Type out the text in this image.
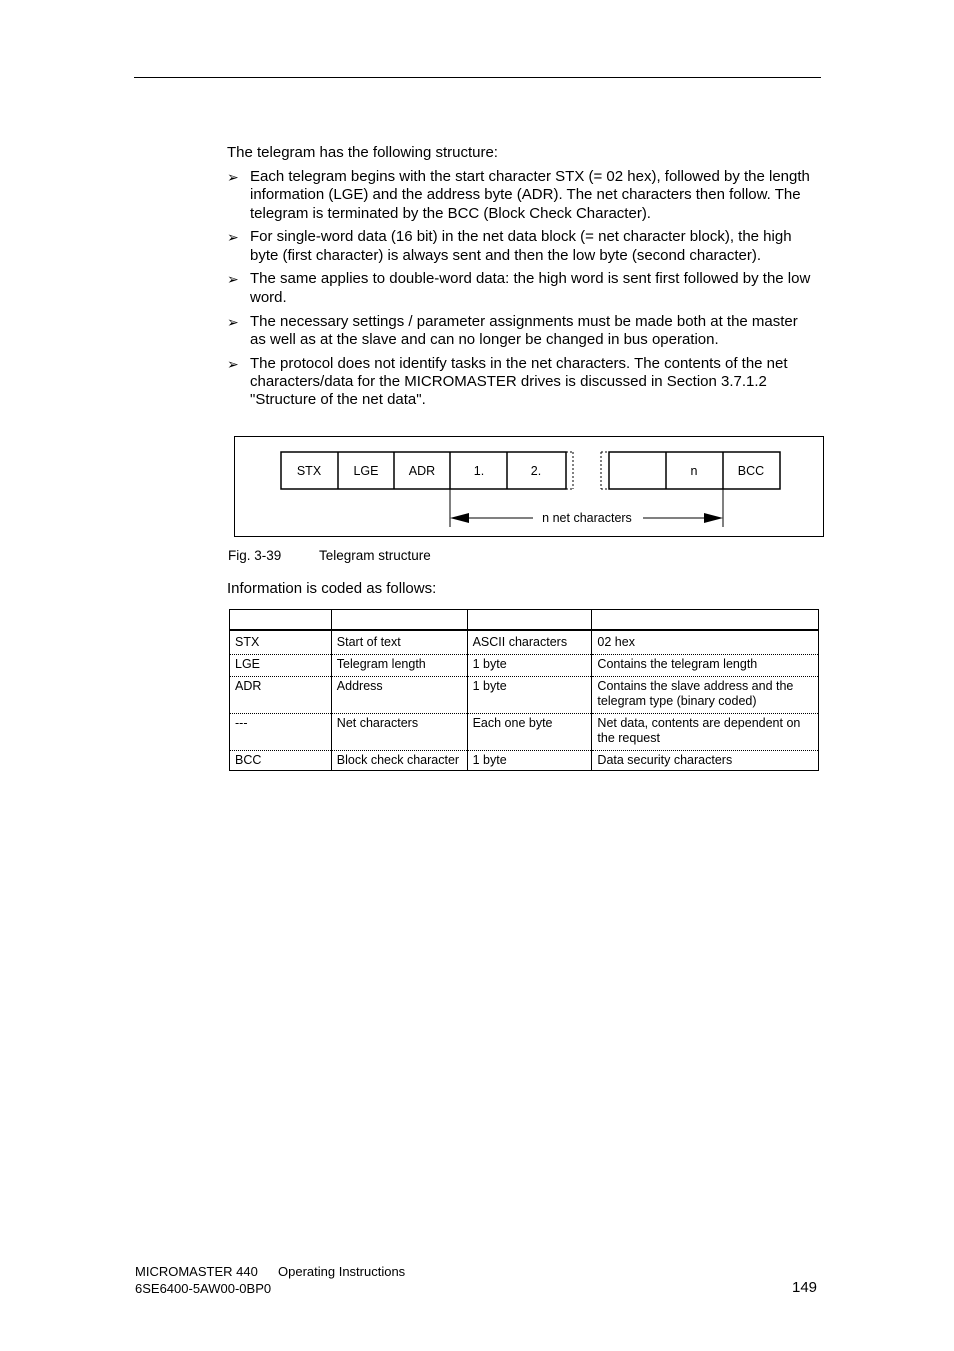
The telegram has the following structure:
➢ Each telegram begins with the start character STX (= 02 hex), followed by the length information (LGE) and the address byte (ADR). The net characters then follow. The telegram is terminated by the BCC (Block Check Character).
➢ For single-word data (16 bit) in the net data block (= net character block), the high byte (first character) is always sent and then the low byte (second character).
➢ The same applies to double-word data: the high word is sent first followed by the low word.
➢ The necessary settings / parameter assignments must be made both at the master as well as at the slave and can no longer be changed in bus operation.
➢ The protocol does not identify tasks in the net characters. The contents of the net characters/data for the MICROMASTER drives is discussed in Section 3.7.1.2 "Structure of the net data".
STX	LGE ADR	1.	2.	n	BCC
n net characters
Fig. 3-39	Telegram structure
Information is coded as follows:

STX	Start of text	ASCII characters	02 hex
LGE	Telegram length	1 byte	Contains the telegram length
ADR	Address	1 byte	Contains the slave address and the telegram type (binary coded)
---	Net characters	Each one byte	Net data, contents are dependent on the request
BCC	Block check character	1 byte	Data security characters
MICROMASTER 440 Operating Instructions
6SE6400-5AW00-0BP0	149
